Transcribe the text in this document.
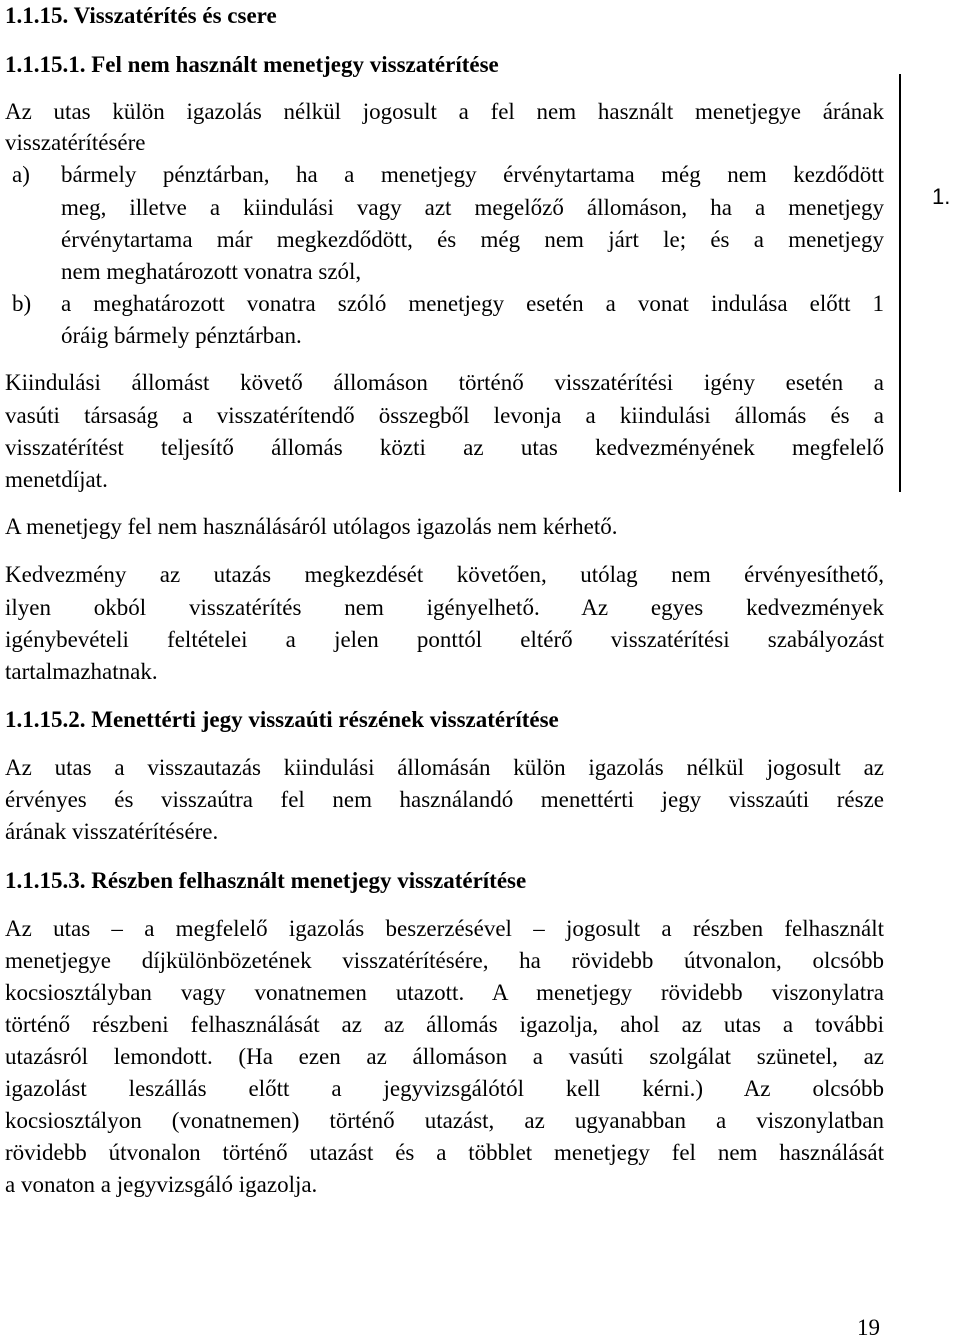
1.1.15. Visszatérítés és csere
1.1.15.1. Fel nem használt menetjegy visszatérítése
Az utas külön igazolás nélkül jogosult a fel nem használt menetjegye árának
visszatérítésére
a) bármely pénztárban, ha a menetjegy érvénytartama még nem kezdődött
meg, illetve a kiindulási vagy azt megelőző állomáson, ha a menetjegy
érvénytartama már megkezdődött, és még nem járt le; és a menetjegy
nem meghatározott vonatra szól,
b) a meghatározott vonatra szóló menetjegy esetén a vonat indulása előtt 1
óráig bármely pénztárban.
Kiindulási állomást követő állomáson történő visszatérítési igény esetén a
vasúti társaság a visszatérítendő összegből levonja a kiindulási állomás és a
visszatérítést teljesítő állomás közti az utas kedvezményének megfelelő
menetdíjat.
A menetjegy fel nem használásáról utólagos igazolás nem kérhető.
Kedvezmény az utazás megkezdését követően, utólag nem érvényesíthető,
ilyen okból visszatérítés nem igényelhető. Az egyes kedvezmények
igénybevételi feltételei a jelen ponttól eltérő visszatérítési szabályozást
tartalmazhatnak.
1.1.15.2. Menettérti jegy visszaúti részének visszatérítése
Az utas a visszautazás kiindulási állomásán külön igazolás nélkül jogosult az
érvényes és visszaútra fel nem használandó menettérti jegy visszaúti része
árának visszatérítésére.
1.1.15.3. Részben felhasznált menetjegy visszatérítése
Az utas – a megfelelő igazolás beszerzésével – jogosult a részben felhasznált
menetjegye díjkülönbözetének visszatérítésére, ha rövidebb útvonalon, olcsóbb
kocsiosztályban vagy vonatnemen utazott. A menetjegy rövidebb viszonylatra
történő részbeni felhasználását az az állomás igazolja, ahol az utas a további
utazásról lemondott. (Ha ezen az állomáson a vasúti szolgálat szünetel, az
igazolást leszállás előtt a jegyvizsgálótól kell kérni.) Az olcsóbb
kocsiosztályon (vonatnemen) történő utazást, az ugyanabban a viszonylatban
rövidebb útvonalon történő utazást és a többlet menetjegy fel nem használását
a vonaton a jegyvizsgáló igazolja.
1.
19
